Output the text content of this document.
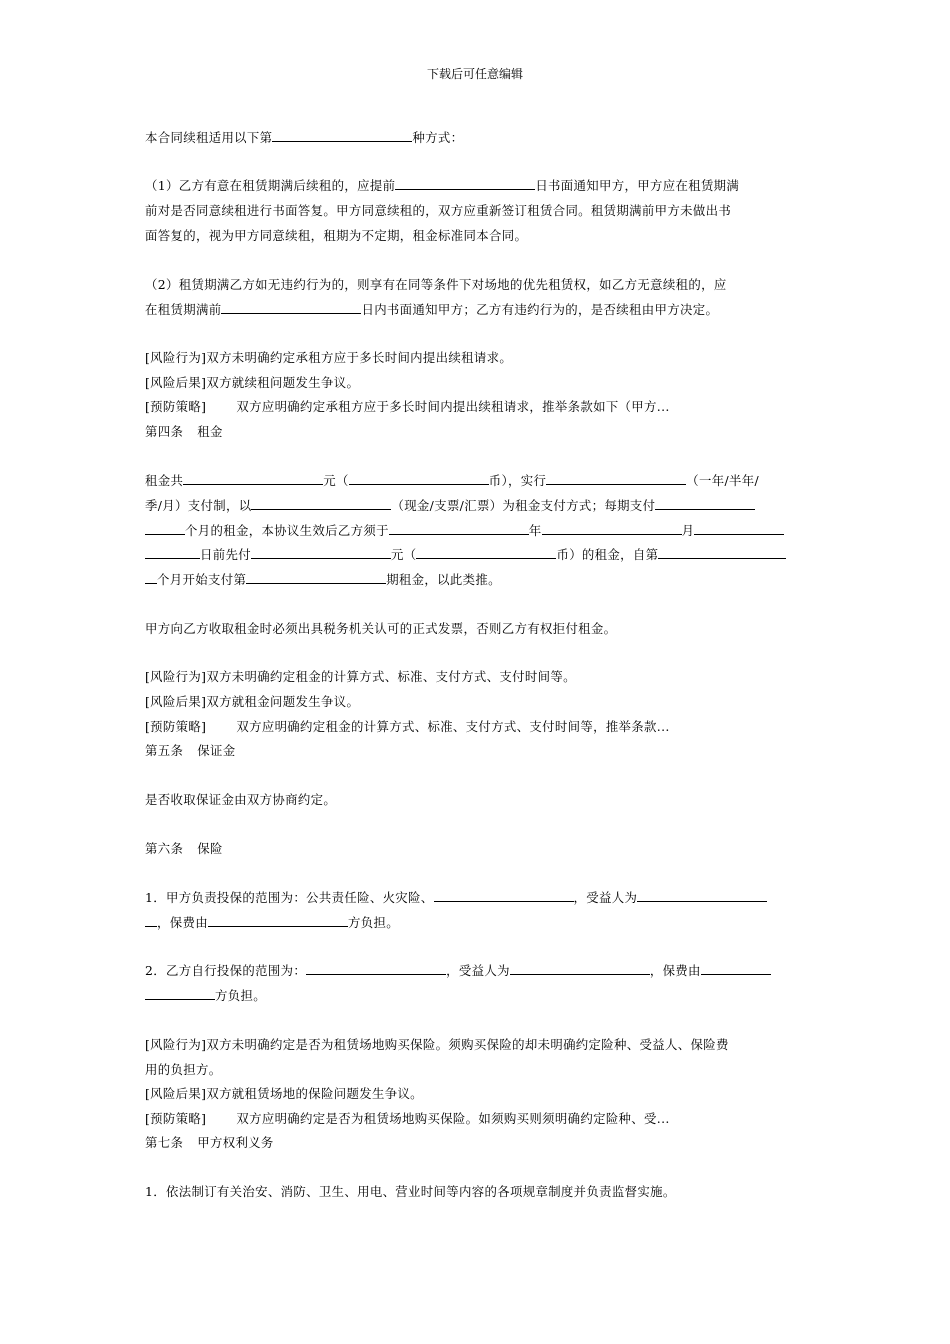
下载后可任意编辑
本合同续租适用以下第	种方式：
（1）乙方有意在租赁期满后续租的，应提前	日书面通知甲方，甲方应在租赁期满
前对是否同意续租进行书面答复。甲方同意续租的，双方应重新签订租赁合同。租赁期满前甲方未做出书
面答复的，视为甲方同意续租，租期为不定期，租金标准同本合同。
（2）租赁期满乙方如无违约行为的，则享有在同等条件下对场地的优先租赁权，如乙方无意续租的，应
在租赁期满前	日内书面通知甲方；乙方有违约行为的，是否续租由甲方决定。
[风险行为]双方未明确约定承租方应于多长时间内提出续租请求。
[风险后果]双方就续租问题发生争议。
[预防策略] 双方应明确约定承租方应于多长时间内提出续租请求，推举条款如下（甲方...
第四条 租金
租金共	元（	币），实行	（一年/半年/
季/月）支付制，以	（现金/支票/汇票）为租金支付方式；每期支付
个月的租金，本协议生效后乙方须于	年	月
日前先付	元（	币）的租金，自第
个月开始支付第	期租金，以此类推。
甲方向乙方收取租金时必须出具税务机关认可的正式发票，否则乙方有权拒付租金。
[风险行为]双方未明确约定租金的计算方式、标准、支付方式、支付时间等。
[风险后果]双方就租金问题发生争议。
[预防策略] 双方应明确约定租金的计算方式、标准、支付方式、支付时间等，推举条款...
第五条 保证金
是否收取保证金由双方协商约定。
第六条 保险
1．甲方负责投保的范围为：公共责任险、火灾险、	，受益人为
，保费由	方负担。
2．乙方自行投保的范围为：	，受益人为	，保费由
方负担。
[风险行为]双方未明确约定是否为租赁场地购买保险。须购买保险的却未明确约定险种、受益人、保险费
用的负担方。
[风险后果]双方就租赁场地的保险问题发生争议。
[预防策略] 双方应明确约定是否为租赁场地购买保险。如须购买则须明确约定险种、受...
第七条 甲方权利义务
1．依法制订有关治安、消防、卫生、用电、营业时间等内容的各项规章制度并负责监督实施。
